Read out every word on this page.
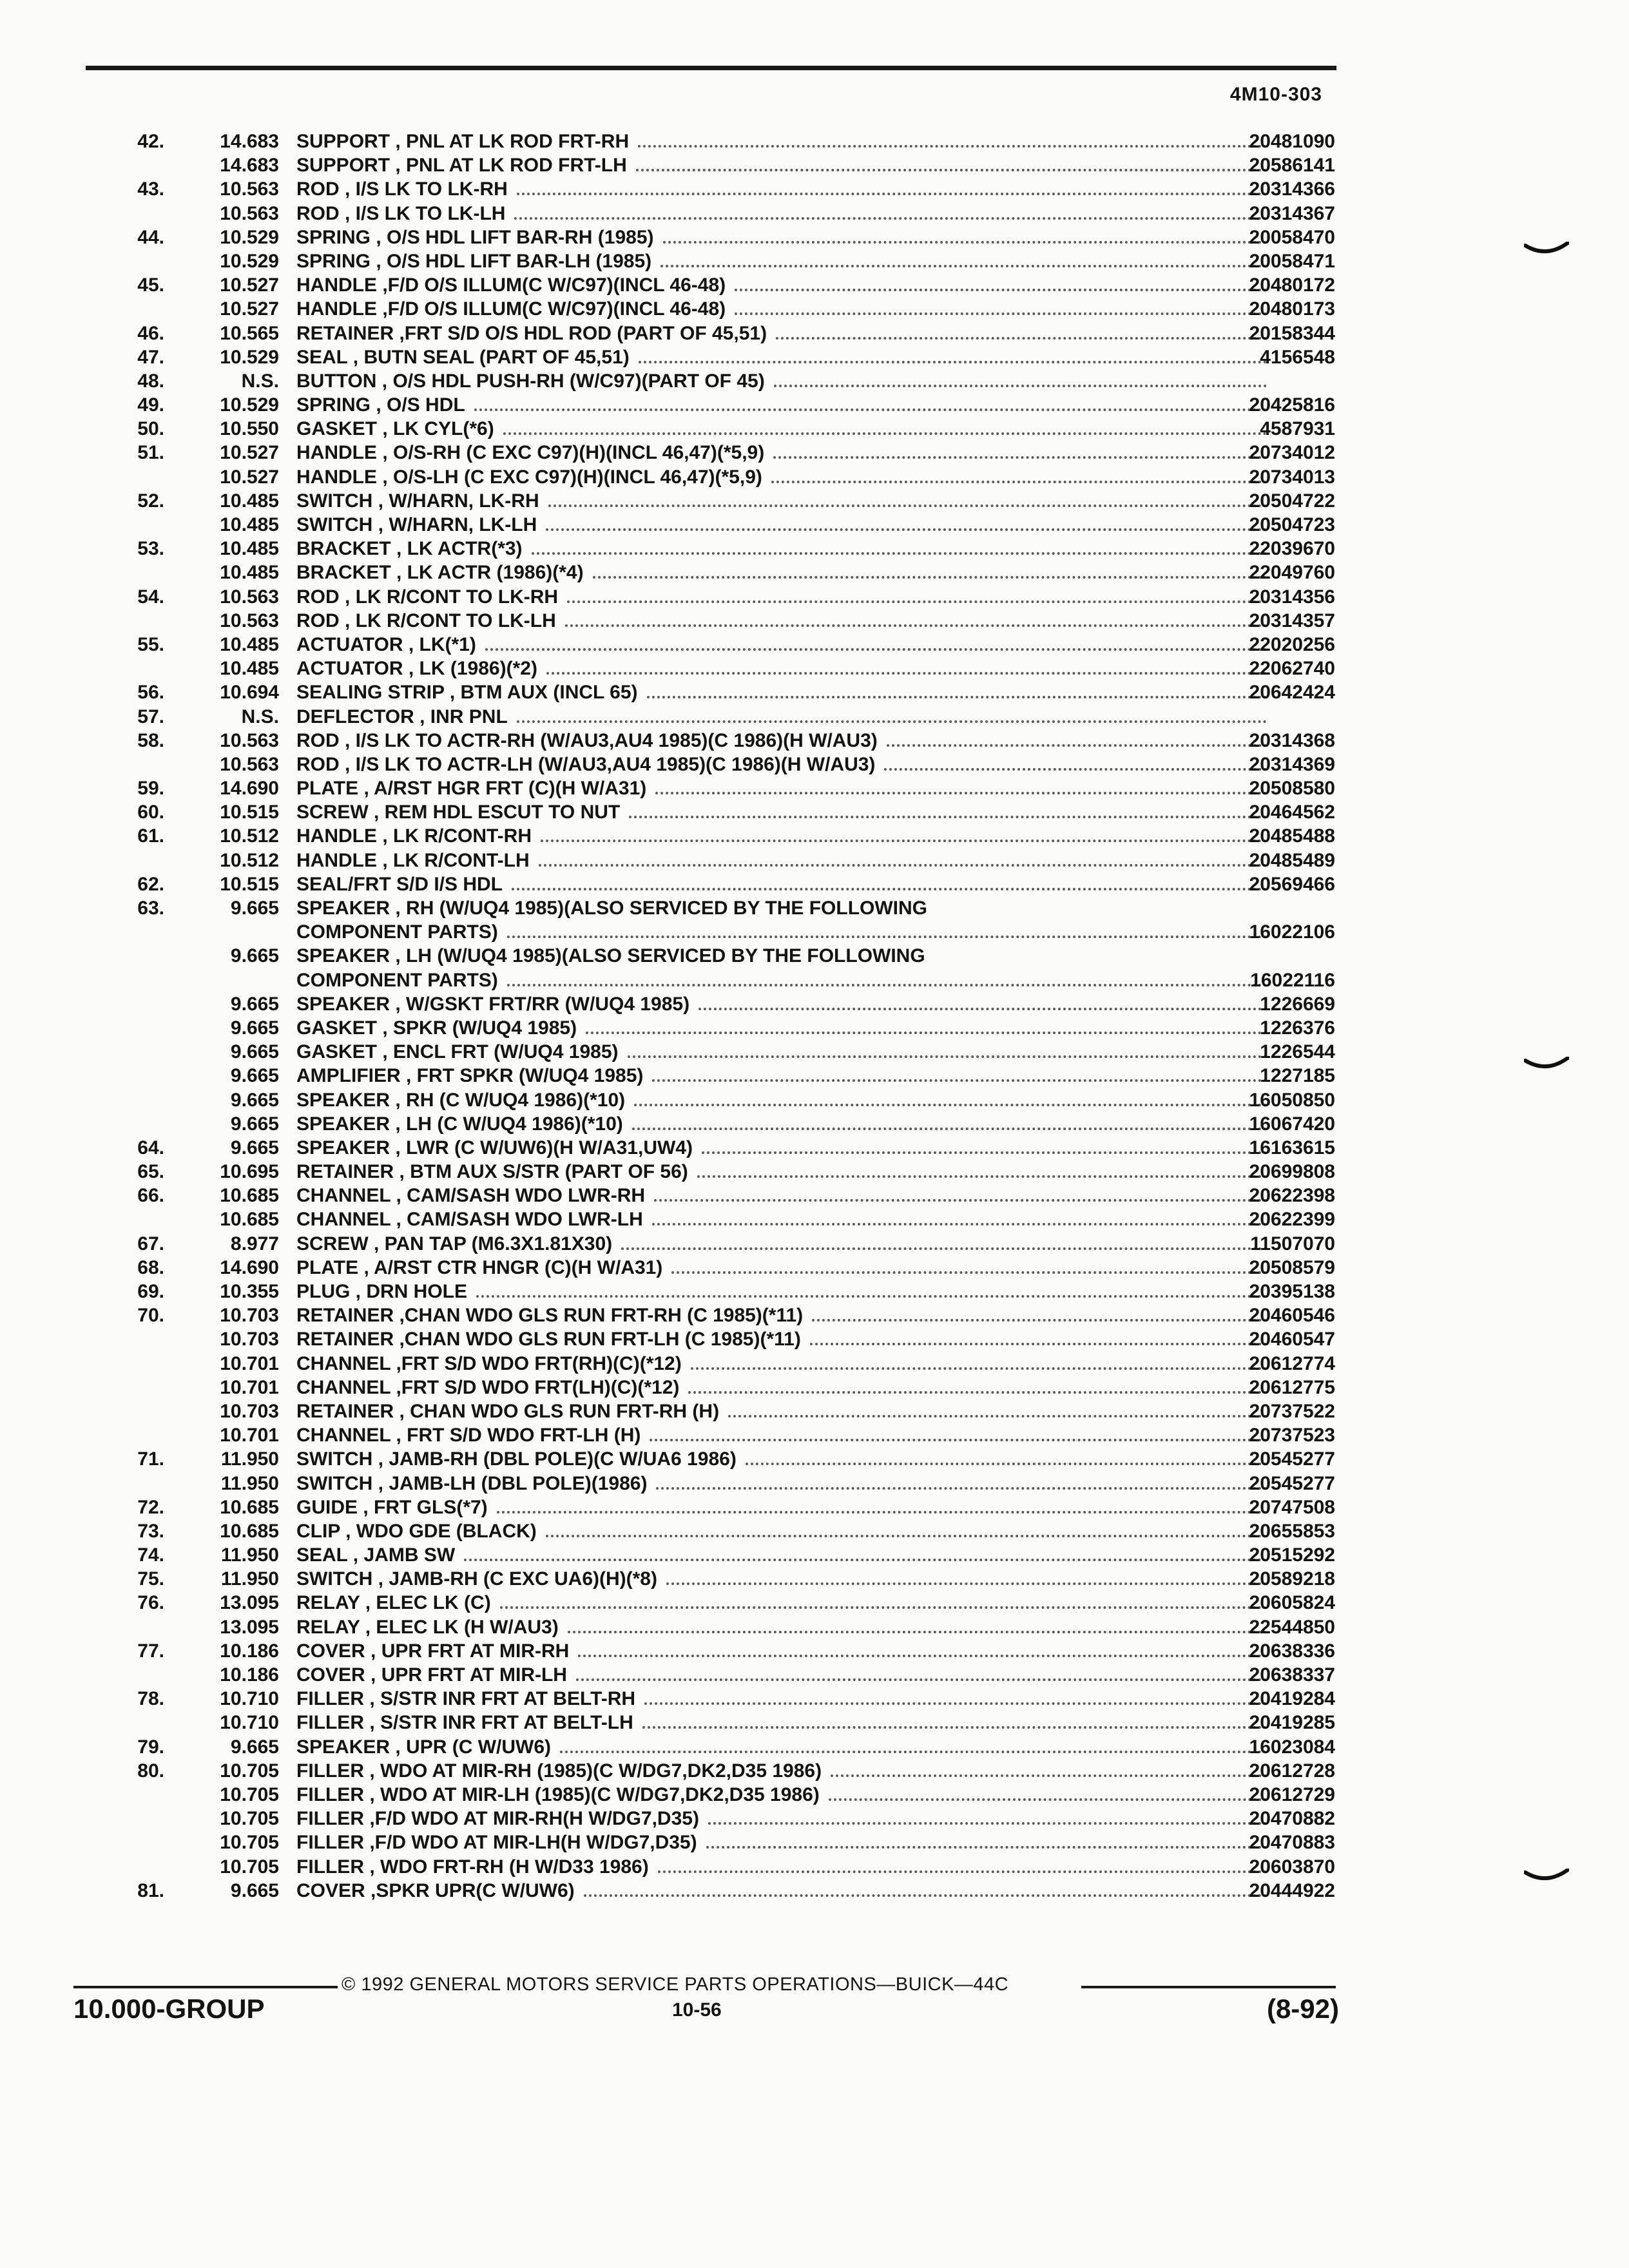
4M10-303
42.	14.683 SUPPORT , PNL AT LK ROD FRT-RH	20481090
14.683 SUPPORT , PNL AT LK ROD FRT-LH	20586141
43.	10.563 ROD , I/S LK TO LK-RH	20314366
10.563 ROD , I/S LK TO LK-LH	20314367
44.	10.529 SPRING , O/S HDL LIFT BAR-RH (1985)	20058470
10.529 SPRING , O/S HDL LIFT BAR-LH (1985)	20058471
45.	10.527 HANDLE ,F/D O/S ILLUM(C W/C97)(INCL 46-48)	20480172
10.527 HANDLE ,F/D O/S ILLUM(C W/C97)(INCL 46-48)	20480173
46.	10.565 RETAINER ,FRT S/D O/S HDL ROD (PART OF 45,51)	20158344
47.	10.529 SEAL , BUTN SEAL (PART OF 45,51)	4156548
48.	N.S. BUTTON , O/S HDL PUSH-RH (W/C97)(PART OF 45)
49.	10.529 SPRING , O/S HDL	20425816
50.	10.550 GASKET , LK CYL(*6)	4587931
51.	10.527 HANDLE , O/S-RH (C EXC C97)(H)(INCL 46,47)(*5,9)	20734012
10.527 HANDLE , O/S-LH (C EXC C97)(H)(INCL 46,47)(*5,9)	20734013
52.	10.485 SWITCH , W/HARN, LK-RH	20504722
10.485 SWITCH , W/HARN, LK-LH	20504723
53.	10.485 BRACKET , LK ACTR(*3)	22039670
10.485 BRACKET , LK ACTR (1986)(*4)	22049760
54.	10.563 ROD , LK R/CONT TO LK-RH	20314356
10.563 ROD , LK R/CONT TO LK-LH	20314357
55.	10.485 ACTUATOR , LK(*1)	22020256
10.485 ACTUATOR , LK (1986)(*2)	22062740
56.	10.694 SEALING STRIP , BTM AUX (INCL 65)	20642424
57.	N.S. DEFLECTOR , INR PNL
58.	10.563 ROD , I/S LK TO ACTR-RH (W/AU3,AU4 1985)(C 1986)(H W/AU3)	20314368
10.563 ROD , I/S LK TO ACTR-LH (W/AU3,AU4 1985)(C 1986)(H W/AU3)	20314369
59.	14.690 PLATE , A/RST HGR FRT (C)(H W/A31)	20508580
60.	10.515 SCREW , REM HDL ESCUT TO NUT	20464562
61.	10.512 HANDLE , LK R/CONT-RH	20485488
10.512 HANDLE , LK R/CONT-LH	20485489
62.	10.515 SEAL/FRT S/D I/S HDL	20569466
63.	9.665 SPEAKER , RH (W/UQ4 1985)(ALSO SERVICED BY THE FOLLOWING
COMPONENT PARTS)	16022106
9.665 SPEAKER , LH (W/UQ4 1985)(ALSO SERVICED BY THE FOLLOWING
COMPONENT PARTS)	16022116
9.665 SPEAKER , W/GSKT FRT/RR (W/UQ4 1985)	1226669
9.665 GASKET , SPKR (W/UQ4 1985)	1226376
9.665 GASKET , ENCL FRT (W/UQ4 1985)	1226544
9.665 AMPLIFIER , FRT SPKR (W/UQ4 1985)	1227185
9.665 SPEAKER , RH (C W/UQ4 1986)(*10)	16050850
9.665 SPEAKER , LH (C W/UQ4 1986)(*10)	16067420
64.	9.665 SPEAKER , LWR (C W/UW6)(H W/A31,UW4)	16163615
65.	10.695 RETAINER , BTM AUX S/STR (PART OF 56)	20699808
66.	10.685 CHANNEL , CAM/SASH WDO LWR-RH	20622398
10.685 CHANNEL , CAM/SASH WDO LWR-LH	20622399
67.	8.977 SCREW , PAN TAP (M6.3X1.81X30)	11507070
68.	14.690 PLATE , A/RST CTR HNGR (C)(H W/A31)	20508579
69.	10.355 PLUG , DRN HOLE	20395138
70.	10.703 RETAINER ,CHAN WDO GLS RUN FRT-RH (C 1985)(*11)	20460546
10.703 RETAINER ,CHAN WDO GLS RUN FRT-LH (C 1985)(*11)	20460547
10.701 CHANNEL ,FRT S/D WDO FRT(RH)(C)(*12)	20612774
10.701 CHANNEL ,FRT S/D WDO FRT(LH)(C)(*12)	20612775
10.703 RETAINER , CHAN WDO GLS RUN FRT-RH (H)	20737522
10.701 CHANNEL , FRT S/D WDO FRT-LH (H)	20737523
71.	11.950 SWITCH , JAMB-RH (DBL POLE)(C W/UA6 1986)	20545277
11.950 SWITCH , JAMB-LH (DBL POLE)(1986)	20545277
72.	10.685 GUIDE , FRT GLS(*7)	20747508
73.	10.685 CLIP , WDO GDE (BLACK)	20655853
74.	11.950 SEAL , JAMB SW	20515292
75.	11.950 SWITCH , JAMB-RH (C EXC UA6)(H)(*8)	20589218
76.	13.095 RELAY , ELEC LK (C)	20605824
13.095 RELAY , ELEC LK (H W/AU3)	22544850
77.	10.186 COVER , UPR FRT AT MIR-RH	20638336
10.186 COVER , UPR FRT AT MIR-LH	20638337
78.	10.710 FILLER , S/STR INR FRT AT BELT-RH	20419284
10.710 FILLER , S/STR INR FRT AT BELT-LH	20419285
79.	9.665 SPEAKER , UPR (C W/UW6)	16023084
80.	10.705 FILLER , WDO AT MIR-RH (1985)(C W/DG7,DK2,D35 1986)	20612728
10.705 FILLER , WDO AT MIR-LH (1985)(C W/DG7,DK2,D35 1986)	20612729
10.705 FILLER ,F/D WDO AT MIR-RH(H W/DG7,D35)	20470882
10.705 FILLER ,F/D WDO AT MIR-LH(H W/DG7,D35)	20470883
10.705 FILLER , WDO FRT-RH (H W/D33 1986)	20603870
81.	9.665 COVER ,SPKR UPR(C W/UW6)	20444922
© 1992 GENERAL MOTORS SERVICE PARTS OPERATIONS—BUICK—44C
10.000-GROUP	10-56	(8-92)
